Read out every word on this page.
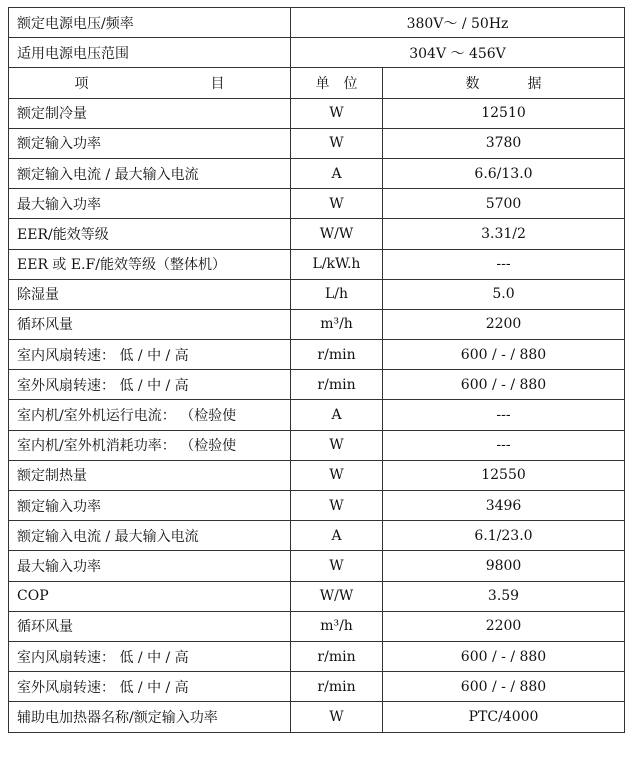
额定电源电压/频率	380V～ / 50Hz	
适用电源电压范围	304V ～ 456V	
项目	单位	数据
额定制冷量	W	12510
额定输入功率	W	3780
额定输入电流 / 最大输入电流	A	6.6/13.0
最大输入功率	W	5700
EER/能效等级	W/W	3.31/2
EER 或 E.F/能效等级（整体机）	L/kW.h	---
除湿量	L/h	5.0
循环风量	m³/h	2200
室内风扇转速： 低 / 中 / 高	r/min	600 / - / 880
室外风扇转速： 低 / 中 / 高	r/min	600 / - / 880
室内机/室外机运行电流： （检验使	A	---
室内机/室外机消耗功率： （检验使	W	---
额定制热量	W	12550
额定输入功率	W	3496
额定输入电流 / 最大输入电流	A	6.1/23.0
最大输入功率	W	9800
COP	W/W	3.59
循环风量	m³/h	2200
室内风扇转速： 低 / 中 / 高	r/min	600 / - / 880
室外风扇转速： 低 / 中 / 高	r/min	600 / - / 880
辅助电加热器名称/额定输入功率	W	PTC/4000
